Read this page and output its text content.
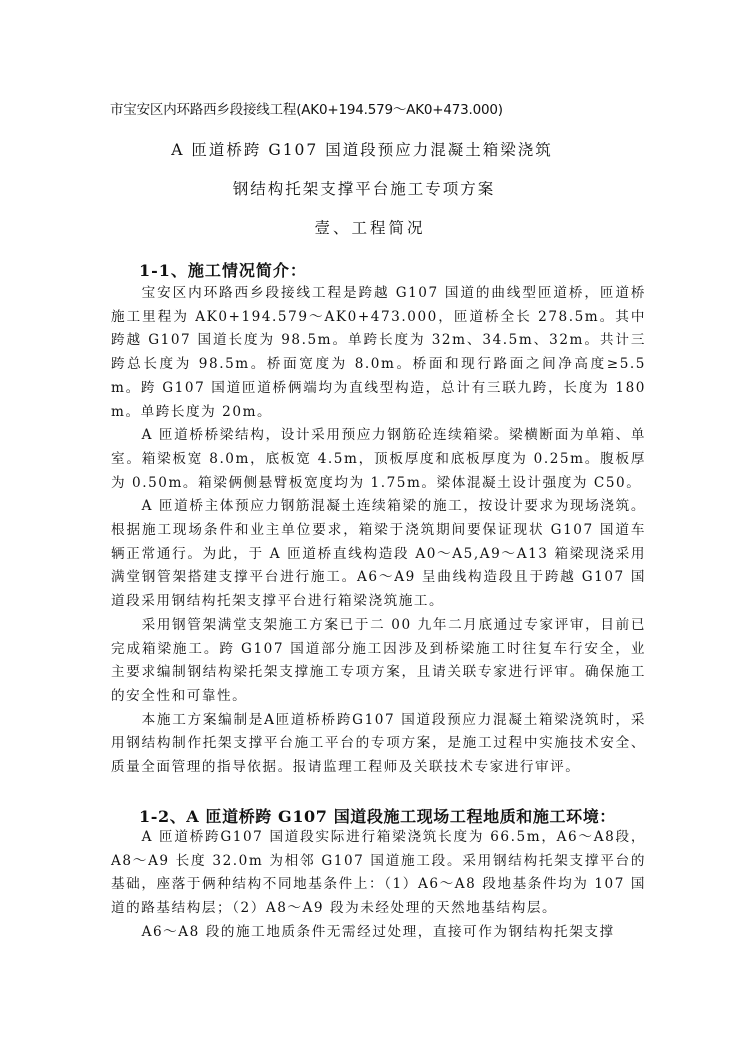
市宝安区内环路西乡段接线工程(AK0+194.579～AK0+473.000)
A 匝道桥跨 G107 国道段预应力混凝土箱梁浇筑
钢结构托架支撑平台施工专项方案
壹、工程简况
1-1、施工情况简介：

宝安区内环路西乡段接线工程是跨越 G107 国道的曲线型匝道桥，匝道桥施工里程为 AK0+194.579～AK0+473.000，匝道桥全长 278.5m。其中跨越 G107 国道长度为 98.5m。单跨长度为 32m、34.5m、32m。共计三跨总长度为 98.5m。桥面宽度为 8.0m。桥面和现行路面之间净高度≥5.5m。跨 G107 国道匝道桥俩端均为直线型构造，总计有三联九跨，长度为 180m。单跨长度为 20m。

A 匝道桥桥梁结构，设计采用预应力钢筋砼连续箱梁。梁横断面为单箱、单室。箱梁板宽 8.0m，底板宽 4.5m，顶板厚度和底板厚度为 0.25m。腹板厚为 0.50m。箱梁俩侧悬臂板宽度均为 1.75m。梁体混凝土设计强度为 C50。

A 匝道桥主体预应力钢筋混凝土连续箱梁的施工，按设计要求为现场浇筑。根据施工现场条件和业主单位要求，箱梁于浇筑期间要保证现状 G107 国道车辆正常通行。为此，于 A 匝道桥直线构造段 A0～A5,A9～A13 箱梁现浇采用满堂钢管架搭建支撑平台进行施工。A6～A9 呈曲线构造段且于跨越 G107 国道段采用钢结构托架支撑平台进行箱梁浇筑施工。

采用钢管架满堂支架施工方案已于二 00 九年二月底通过专家评审，目前已完成箱梁施工。跨 G107 国道部分施工因涉及到桥梁施工时往复车行安全，业主要求编制钢结构梁托架支撑施工专项方案，且请关联专家进行评审。确保施工的安全性和可靠性。

本施工方案编制是A匝道桥桥跨G107 国道段预应力混凝土箱梁浇筑时，采用钢结构制作托架支撑平台施工平台的专项方案，是施工过程中实施技术安全、质量全面管理的指导依据。报请监理工程师及关联技术专家进行审评。

1-2、A 匝道桥跨 G107 国道段施工现场工程地质和施工环境：

A 匝道桥跨G107 国道段实际进行箱梁浇筑长度为 66.5m，A6～A8段，A8～A9 长度 32.0m 为相邻 G107 国道施工段。采用钢结构托架支撑平台的基础，座落于俩种结构不同地基条件上：（1）A6～A8 段地基条件均为 107 国道的路基结构层；（2）A8～A9 段为未经处理的天然地基结构层。

A6～A8 段的施工地质条件无需经过处理，直接可作为钢结构托架支撑
